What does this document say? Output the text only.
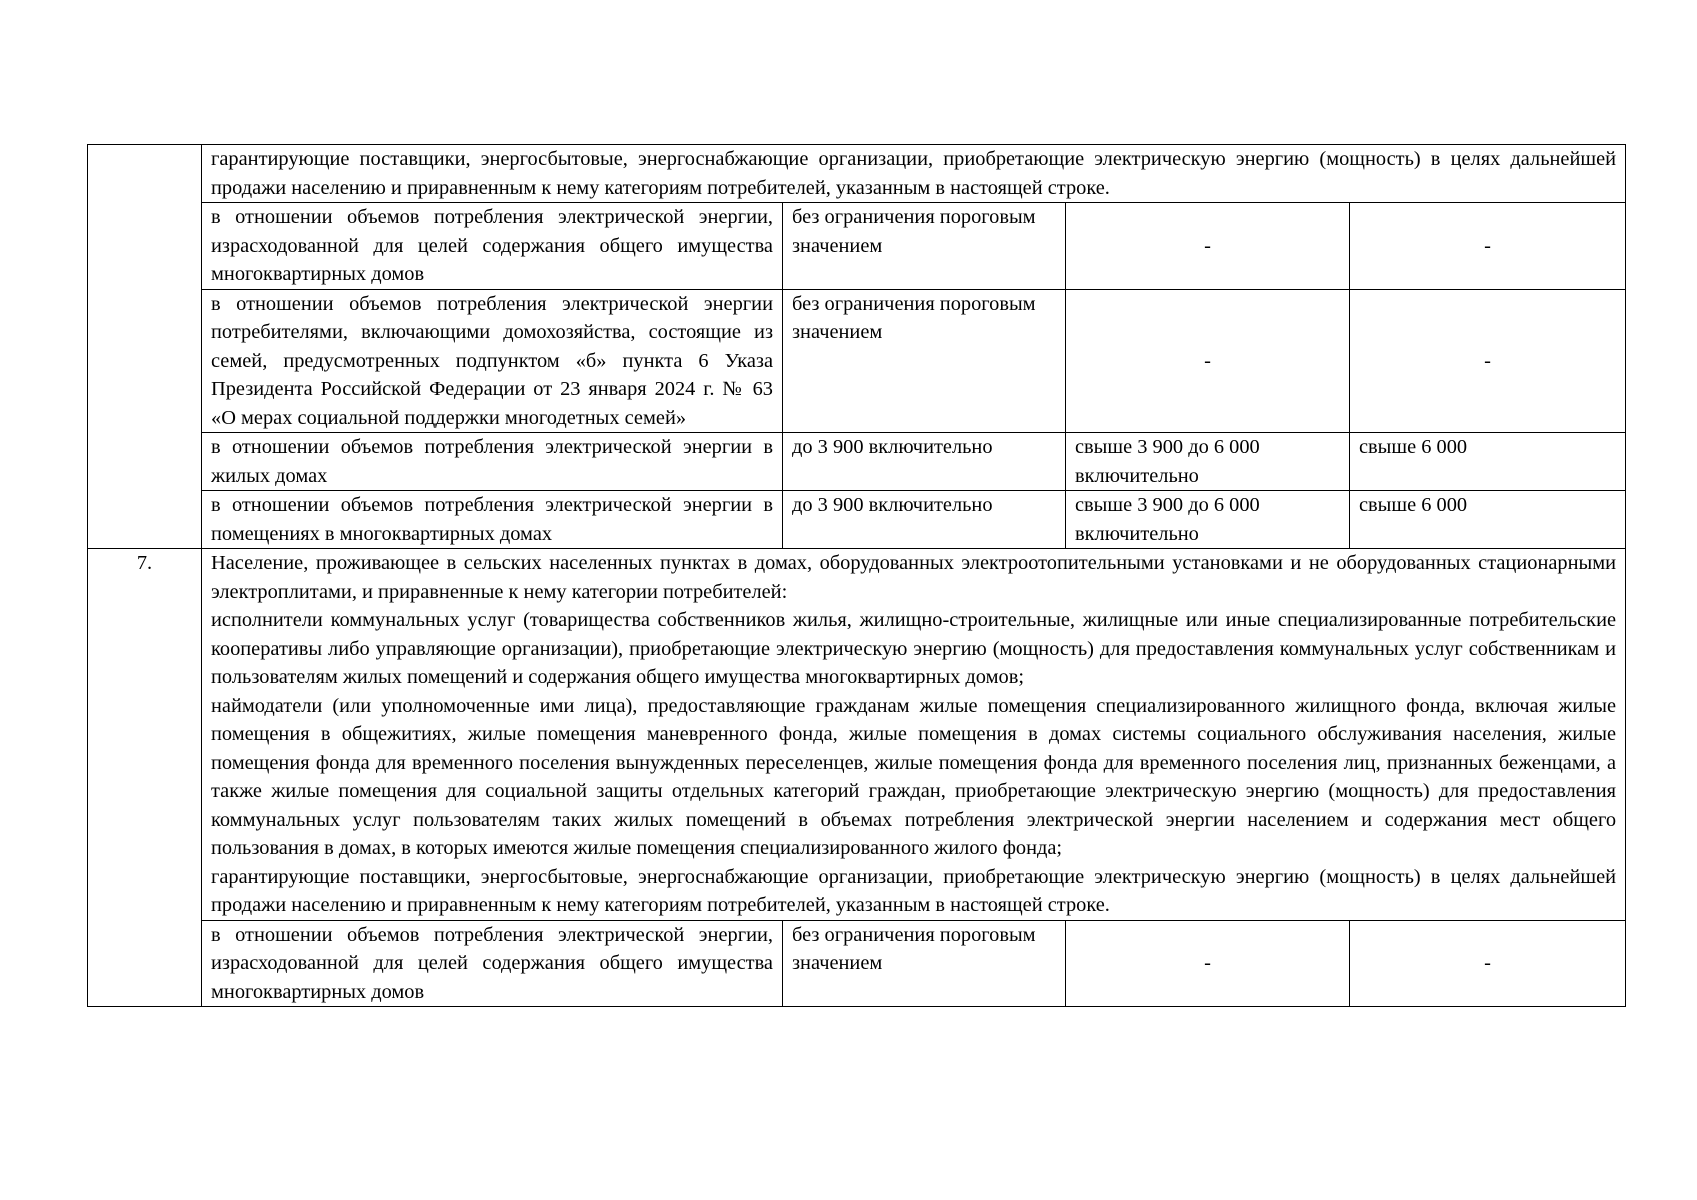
	гарантирующие поставщики, энергосбытовые, энергоснабжающие организации, приобретающие электрическую энергию (мощность) в целях дальнейшей продажи населению и приравненным к нему категориям потребителей, указанным в настоящей строке.			
	в отношении объемов потребления электрической энергии, израсходованной для целей содержания общего имущества многоквартирных домов	без ограничения пороговым значением	-	-
	в отношении объемов потребления электрической энергии потребителями, включающими домохозяйства, состоящие из семей, предусмотренных подпунктом «б» пункта 6 Указа Президента Российской Федерации от 23 января 2024 г. № 63 «О мерах социальной поддержки многодетных семей»	без ограничения пороговым значением	-	-
	в отношении объемов потребления электрической энергии в жилых домах	до 3 900 включительно	свыше 3 900 до 6 000 включительно	свыше 6 000
	в отношении объемов потребления электрической энергии в помещениях в многоквартирных домах	до 3 900 включительно	свыше 3 900 до 6 000 включительно	свыше 6 000
7.	Население, проживающее в сельских населенных пунктах в домах, оборудованных электроотопительными установками и не оборудованных стационарными электроплитами, и приравненные к нему категории потребителей:
исполнители коммунальных услуг (товарищества собственников жилья, жилищно-строительные, жилищные или иные специализированные потребительские кооперативы либо управляющие организации), приобретающие электрическую энергию (мощность) для предоставления коммунальных услуг собственникам и пользователям жилых помещений и содержания общего имущества многоквартирных домов;
наймодатели (или уполномоченные ими лица), предоставляющие гражданам жилые помещения специализированного жилищного фонда, включая жилые помещения в общежитиях, жилые помещения маневренного фонда, жилые помещения в домах системы социального обслуживания населения, жилые помещения фонда для временного поселения вынужденных переселенцев, жилые помещения фонда для временного поселения лиц, признанных беженцами, а также жилые помещения для социальной защиты отдельных категорий граждан, приобретающие электрическую энергию (мощность) для предоставления коммунальных услуг пользователям таких жилых помещений в объемах потребления электрической энергии населением и содержания мест общего пользования в домах, в которых имеются жилые помещения специализированного жилого фонда;
гарантирующие поставщики, энергосбытовые, энергоснабжающие организации, приобретающие электрическую энергию (мощность) в целях дальнейшей продажи населению и приравненным к нему категориям потребителей, указанным в настоящей строке.			

	в отношении объемов потребления электрической энергии, израсходованной для целей содержания общего имущества многоквартирных домов	без ограничения пороговым значением	-	-
